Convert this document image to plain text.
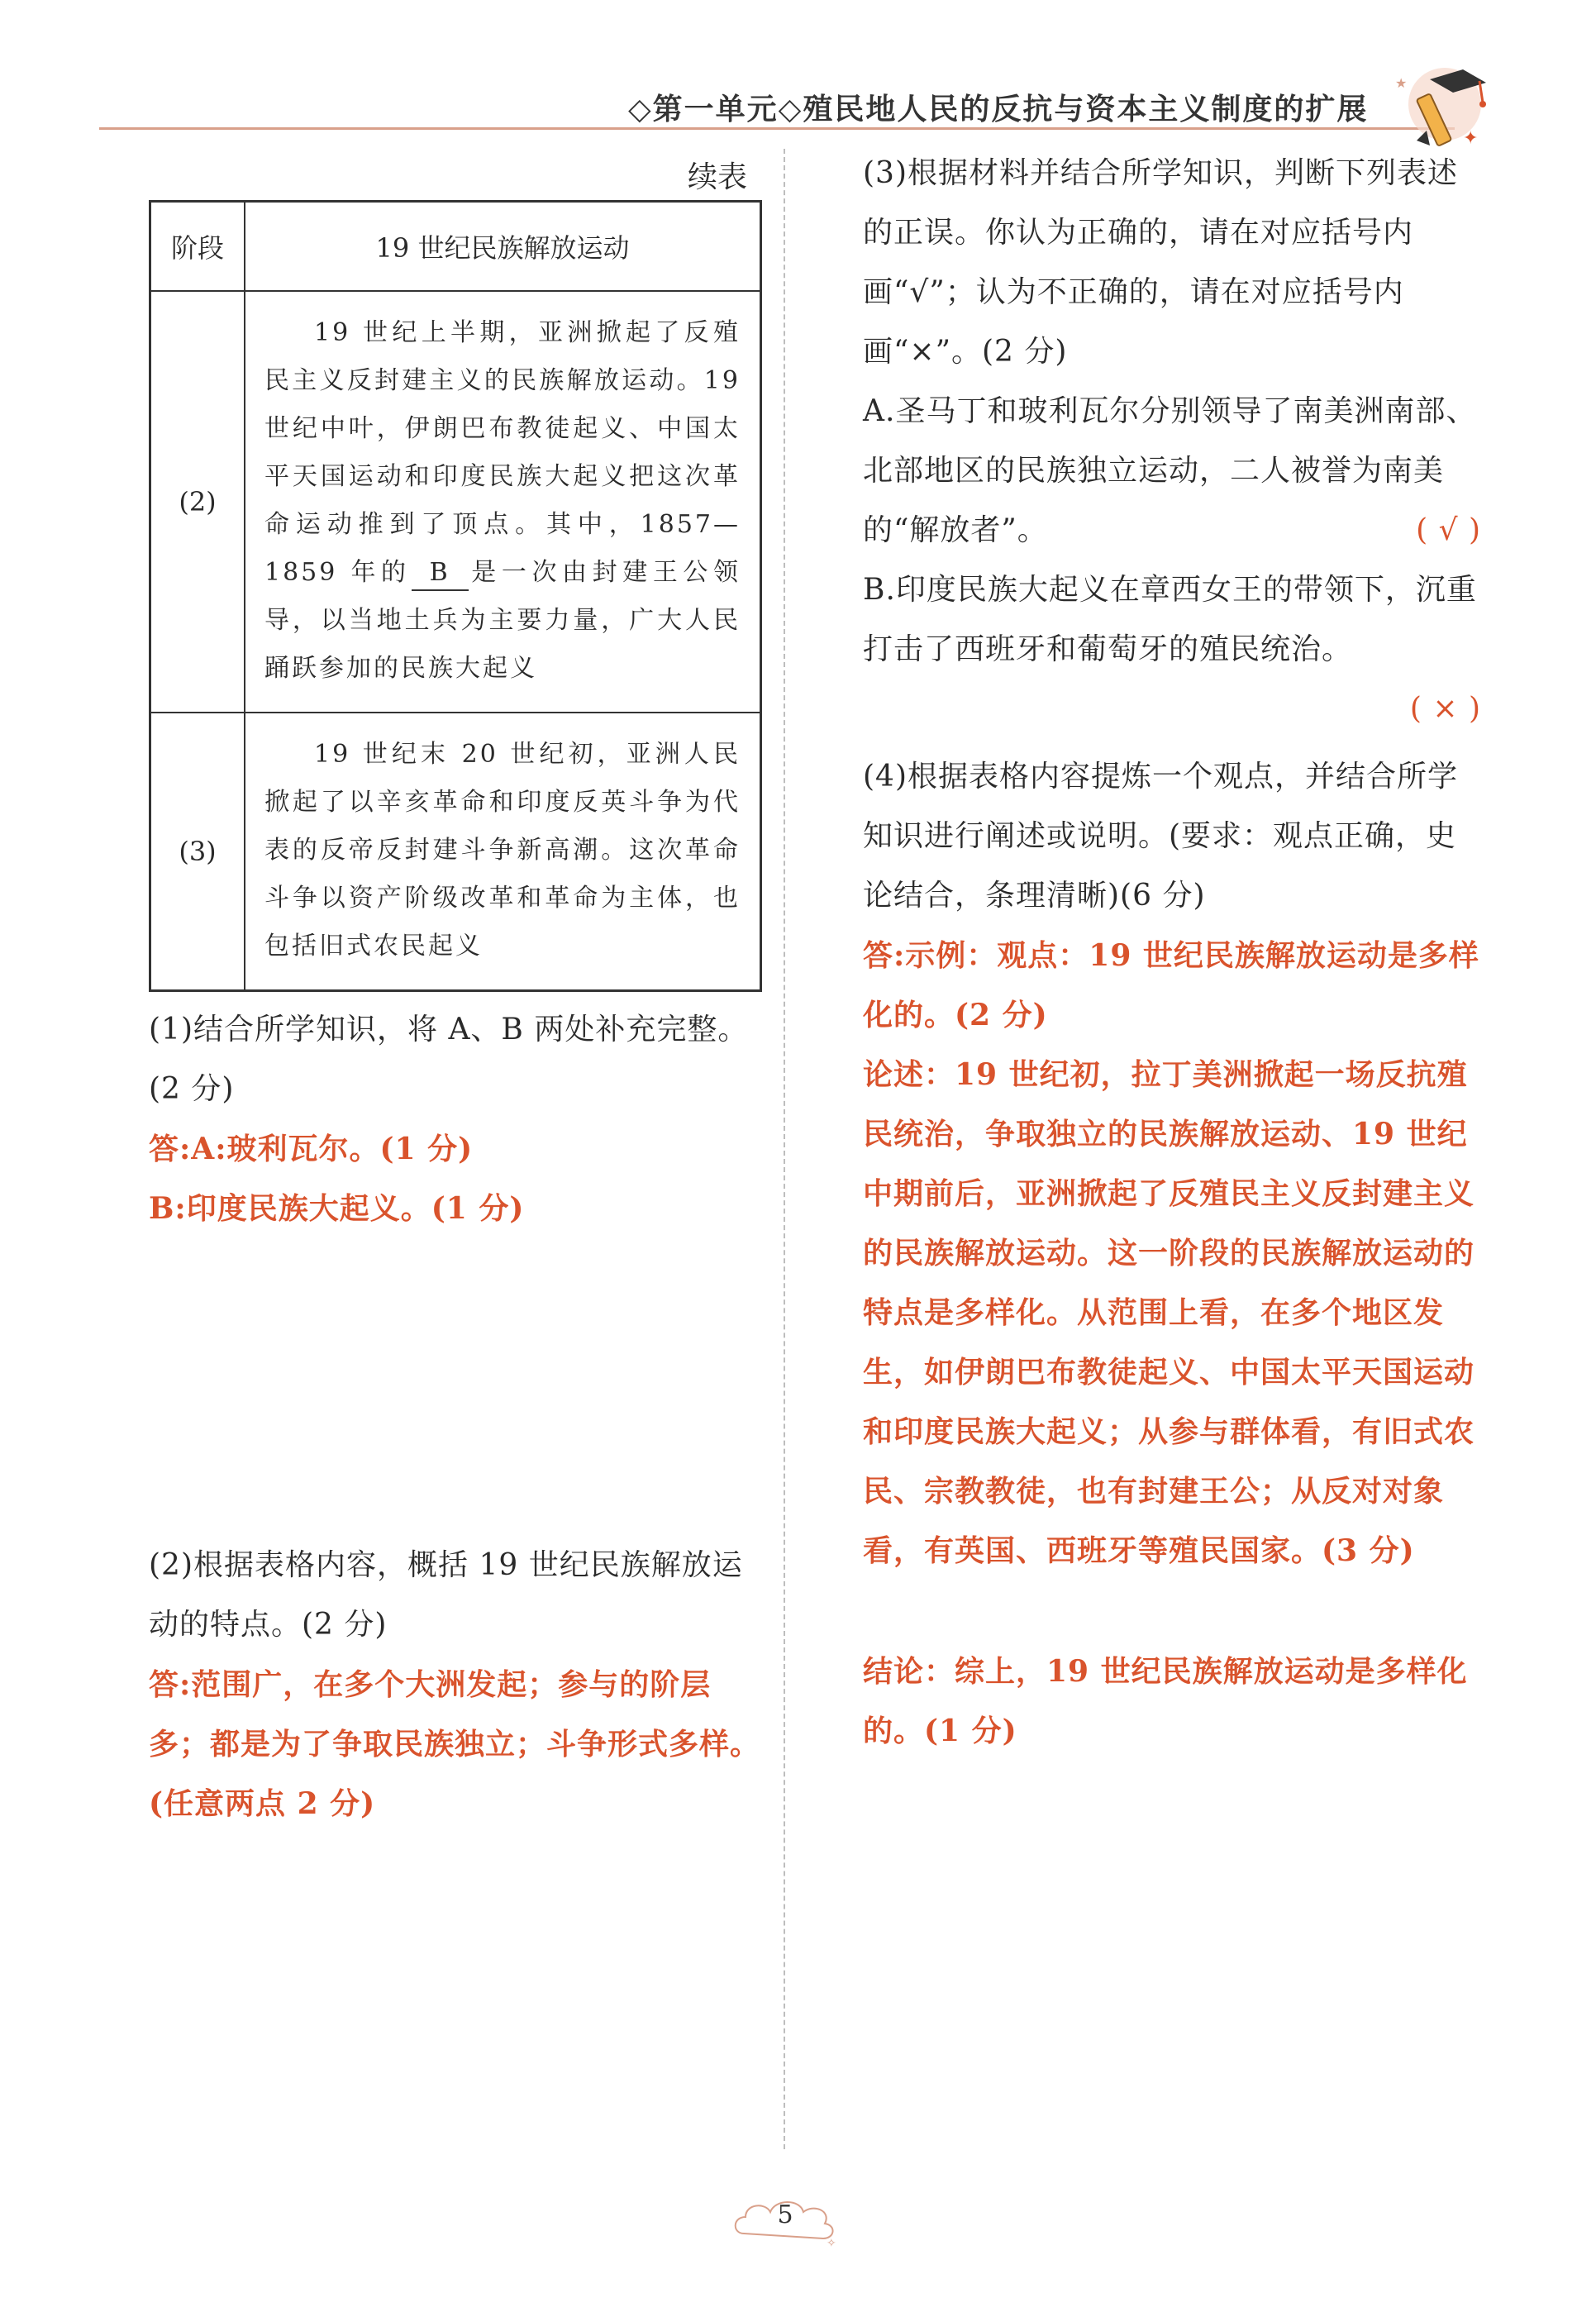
◇第一单元◇殖民地人民的反抗与资本主义制度的扩展
✦
★
续表
阶段	19 世纪民族解放运动
(2)	19 世纪上半期，亚洲掀起了反殖民主义反封建主义的民族解放运动。19 世纪中叶，伊朗巴布教徒起义、中国太平天国运动和印度民族大起义把这次革命运动推到了顶点。其中，1857—1859 年的 B 是一次由封建王公领导，以当地土兵为主要力量，广大人民踊跃参加的民族大起义

(3)	19 世纪末 20 世纪初，亚洲人民掀起了以辛亥革命和印度反英斗争为代表的反帝反封建斗争新高潮。这次革命斗争以资产阶级改革和革命为主体，也包括旧式农民起义
(1)结合所学知识，将 A、B 两处补充完整。(2 分)
答:A:玻利瓦尔。(1 分)
B:印度民族大起义。(1 分)
(2)根据表格内容，概括 19 世纪民族解放运动的特点。(2 分)
答:范围广，在多个大洲发起；参与的阶层多；都是为了争取民族独立；斗争形式多样。(任意两点 2 分)
(3)根据材料并结合所学知识，判断下列表述的正误。你认为正确的，请在对应括号内画“√”；认为不正确的，请在对应括号内画“×”。(2 分)
A.圣马丁和玻利瓦尔分别领导了南美洲南部、北部地区的民族独立运动，二人被誉为南美的“解放者”。	( √ )
B.印度民族大起义在章西女王的带领下，沉重打击了西班牙和葡萄牙的殖民统治。
( × )
(4)根据表格内容提炼一个观点，并结合所学知识进行阐述或说明。(要求：观点正确，史论结合，条理清晰)(6 分)
答:示例：观点：19 世纪民族解放运动是多样化的。(2 分)
论述：19 世纪初，拉丁美洲掀起一场反抗殖民统治，争取独立的民族解放运动、19 世纪中期前后，亚洲掀起了反殖民主义反封建主义的民族解放运动。这一阶段的民族解放运动的特点是多样化。从范围上看，在多个地区发生，如伊朗巴布教徒起义、中国太平天国运动和印度民族大起义；从参与群体看，有旧式农民、宗教教徒，也有封建王公；从反对对象看，有英国、西班牙等殖民国家。(3 分)
结论：综上，19 世纪民族解放运动是多样化的。(1 分)
✧
5
